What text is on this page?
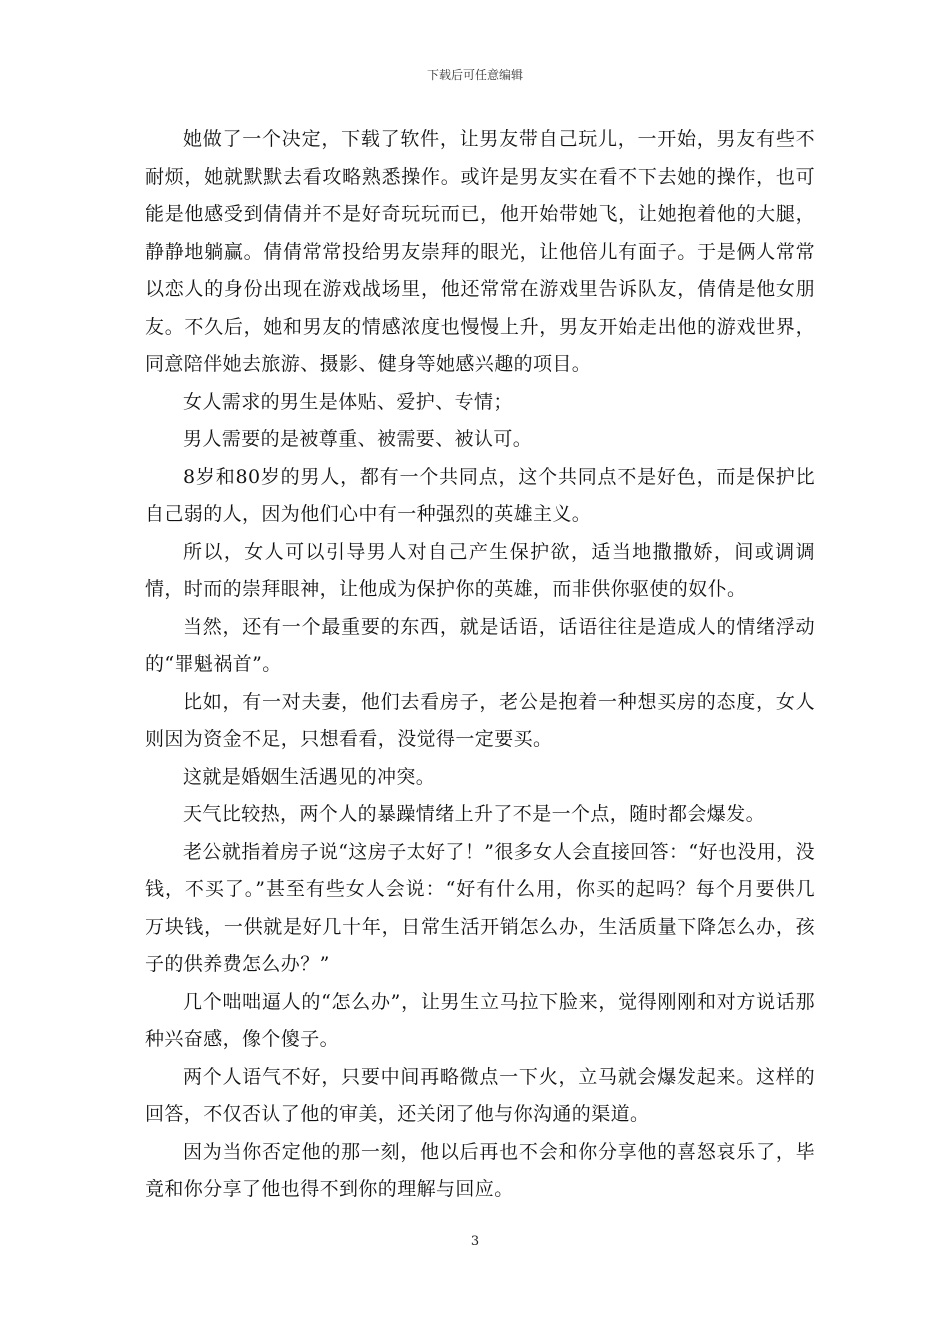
下载后可任意编辑

她做了一个决定，下载了软件，让男友带自己玩儿，一开始，男友有些不耐烦，她就默默去看攻略熟悉操作。或许是男友实在看不下去她的操作，也可能是他感受到倩倩并不是好奇玩玩而已，他开始带她飞，让她抱着他的大腿，静静地躺赢。倩倩常常投给男友崇拜的眼光，让他倍儿有面子。于是俩人常常以恋人的身份出现在游戏战场里，他还常常在游戏里告诉队友，倩倩是他女朋友。不久后，她和男友的情感浓度也慢慢上升，男友开始走出他的游戏世界，同意陪伴她去旅游、摄影、健身等她感兴趣的项目。

女人需求的男生是体贴、爱护、专情；

男人需要的是被尊重、被需要、被认可。

8岁和80岁的男人，都有一个共同点，这个共同点不是好色，而是保护比自己弱的人，因为他们心中有一种强烈的英雄主义。

所以，女人可以引导男人对自己产生保护欲，适当地撒撒娇，间或调调情，时而的崇拜眼神，让他成为保护你的英雄，而非供你驱使的奴仆。

当然，还有一个最重要的东西，就是话语，话语往往是造成人的情绪浮动的“罪魁祸首”。

比如，有一对夫妻，他们去看房子，老公是抱着一种想买房的态度，女人则因为资金不足，只想看看，没觉得一定要买。

这就是婚姻生活遇见的冲突。

天气比较热，两个人的暴躁情绪上升了不是一个点，随时都会爆发。

老公就指着房子说“这房子太好了！”很多女人会直接回答：“好也没用，没钱，不买了。”甚至有些女人会说：“好有什么用，你买的起吗？每个月要供几万块钱，一供就是好几十年，日常生活开销怎么办，生活质量下降怎么办，孩子的供养费怎么办？”

几个咄咄逼人的“怎么办”，让男生立马拉下脸来，觉得刚刚和对方说话那种兴奋感，像个傻子。

两个人语气不好，只要中间再略微点一下火，立马就会爆发起来。这样的回答，不仅否认了他的审美，还关闭了他与你沟通的渠道。

因为当你否定他的那一刻，他以后再也不会和你分享他的喜怒哀乐了，毕竟和你分享了他也得不到你的理解与回应。

3
